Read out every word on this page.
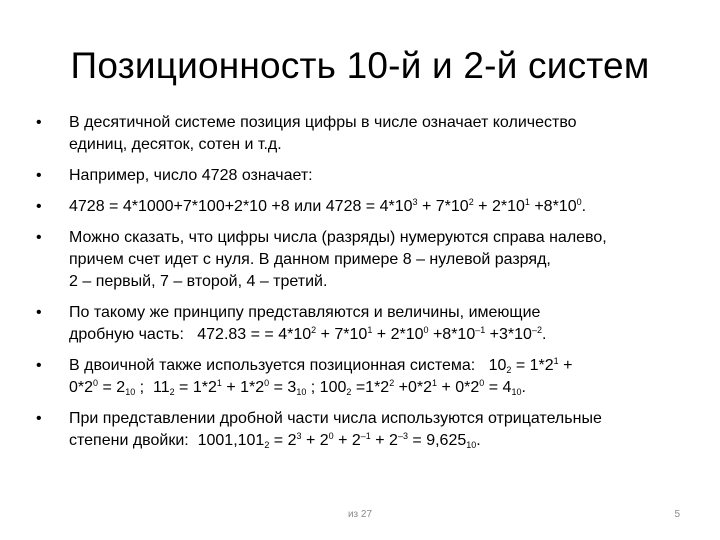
Позиционность 10-й и 2-й систем
• В десятичной системе позиция цифры в числе означает количество
единиц, десяток, сотен и т.д.
• Например, число 4728 означает:
• 4728 = 4*1000+7*100+2*10 +8 или $4728 = 4*10^3 + 7*10^2 + 2*10^1 +8*10^0$.
• Можно сказать, что цифры числа (разряды) нумеруются справа налево,
причем счет идет с нуля. В данном примере 8 – нулевой разряд,
2 – первый, 7 – второй, 4 – третий.
• По такому же принципу представляются и величины, имеющие
дробную часть:   472.83 = = $4*10^2 + 7*10^1 + 2*10^0 +8*10^{-1} +3*10^{-2}$.
• В двоичной также используется позиционная система:   $10_2 = 1*2^1$ +
$0*2^0 = 2_{10}$ ;  $11_2 = 1*2^1 + 1*2^0 = 3_{10}$ ; $100_2 =1*2^2 +0*2^1 + 0*2^0 = 4_{10}$.
• При представлении дробной части числа используются отрицательные
степени двойки:  $1001,101_2 = 2^3 + 2^0 + 2^{-1} + 2^{-3} = 9,625_{10}$.
из 27	5
